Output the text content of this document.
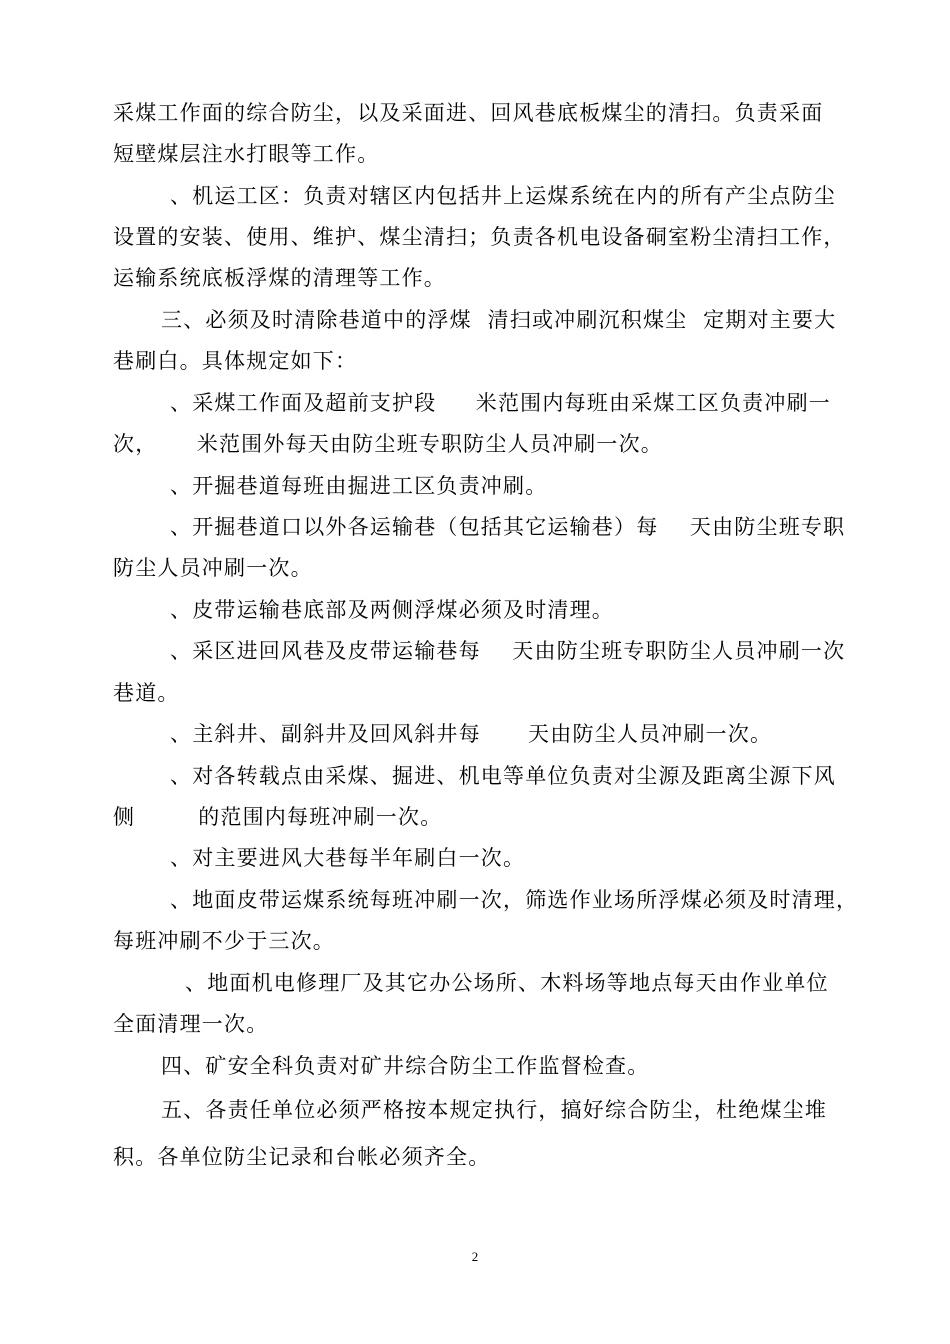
采煤工作面的综合防尘，以及采面进、回风巷底板煤尘的清扫。负责采面
短壁煤层注水打眼等工作。
、机运工区：负责对辖区内包括井上运煤系统在内的所有产尘点防尘
设置的安装、使用、维护、煤尘清扫；负责各机电设备硐室粉尘清扫工作，
运输系统底板浮煤的清理等工作。
三、必须及时清除巷道中的浮煤  清扫或冲刷沉积煤尘  定期对主要大
巷刷白。具体规定如下：
、采煤工作面及超前支护段     米范围内每班由采煤工区负责冲刷一
次，     米范围外每天由防尘班专职防尘人员冲刷一次。
、开掘巷道每班由掘进工区负责冲刷。
、开掘巷道口以外各运输巷（包括其它运输巷）每    天由防尘班专职
防尘人员冲刷一次。
、皮带运输巷底部及两侧浮煤必须及时清理。
、采区进回风巷及皮带运输巷每    天由防尘班专职防尘人员冲刷一次
巷道。
、主斜井、副斜井及回风斜井每      天由防尘人员冲刷一次。
、对各转载点由采煤、掘进、机电等单位负责对尘源及距离尘源下风
侧        的范围内每班冲刷一次。
、对主要进风大巷每半年刷白一次。
、地面皮带运煤系统每班冲刷一次，筛选作业场所浮煤必须及时清理，
每班冲刷不少于三次。
、地面机电修理厂及其它办公场所、木料场等地点每天由作业单位
全面清理一次。
四、矿安全科负责对矿井综合防尘工作监督检查。
五、各责任单位必须严格按本规定执行，搞好综合防尘，杜绝煤尘堆
积。各单位防尘记录和台帐必须齐全。
2
